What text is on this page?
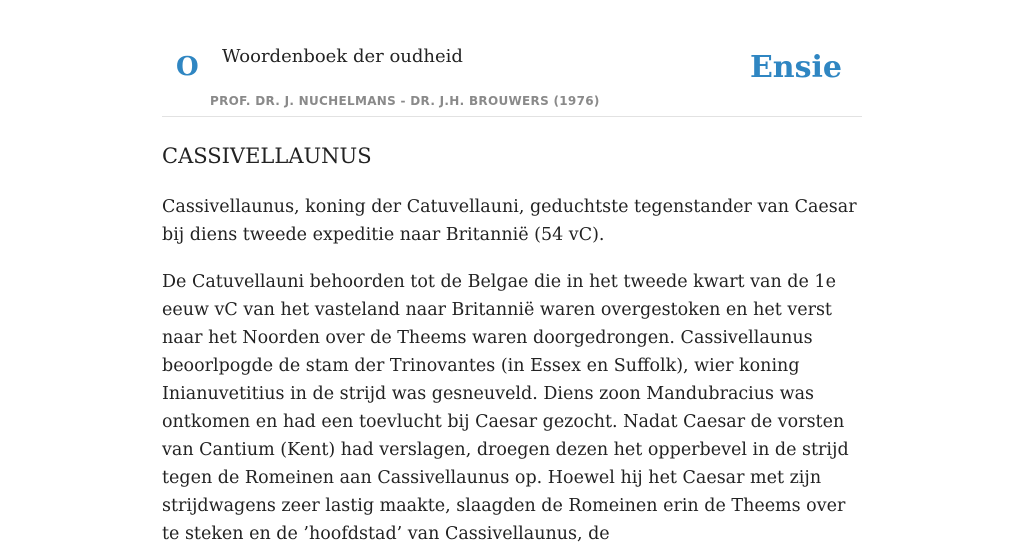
O Woordenboek der oudheid
PROF. DR. J. NUCHELMANS - DR. J.H. BROUWERS (1976)
Ensie
CASSIVELLAUNUS

Cassivellaunus, koning der Catuvellauni, geduchtste tegenstander van Caesar bij diens tweede expeditie naar Britannië (54 vC).

De Catuvellauni behoorden tot de Belgae die in het tweede kwart van de 1e eeuw vC van het vasteland naar Britannië waren overgestoken en het verst naar het Noorden over de Theems waren doorgedrongen. Cassivellaunus beoorlpogde de stam der Trinovantes (in Essex en Suffolk), wier koning Inianuvetitius in de strijd was gesneuveld. Diens zoon Mandubracius was ontkomen en had een toevlucht bij Caesar gezocht. Nadat Caesar de vorsten van Cantium (Kent) had verslagen, droegen dezen het opperbevel in de strijd tegen de Romeinen aan Cassivellaunus op. Hoewel hij het Caesar met zijn strijdwagens zeer lastig maakte, slaagden de Romeinen erin de Theems over te steken en de ’hoofdstad’ van Cassivellaunus, de
